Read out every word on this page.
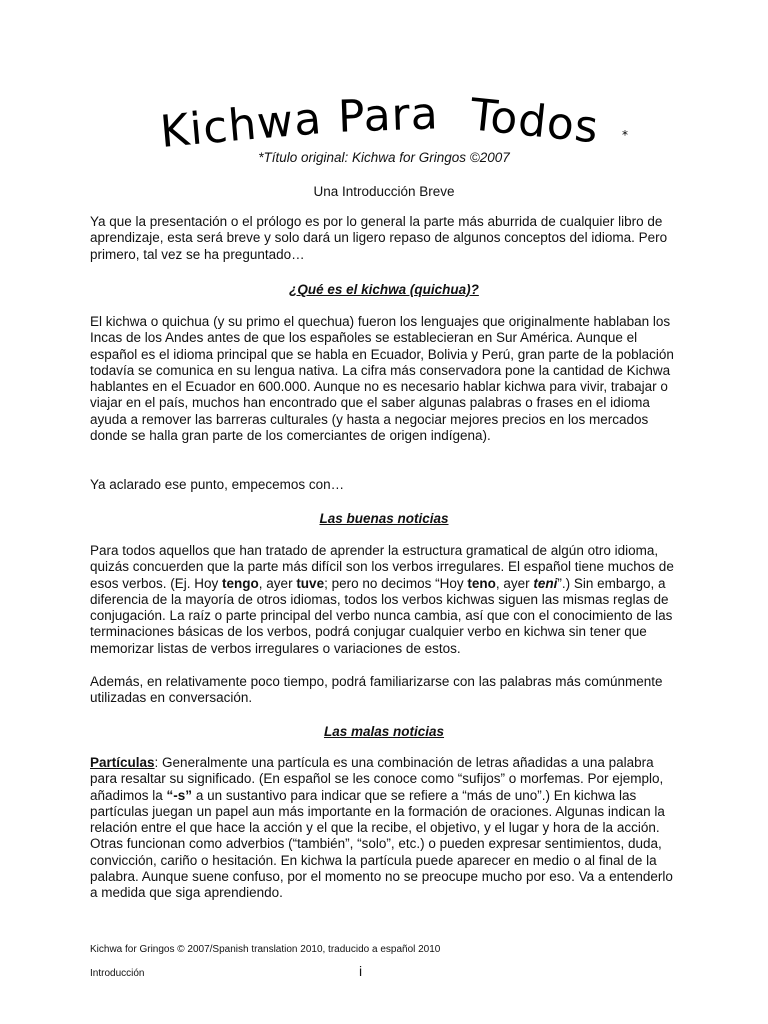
Kichwa Para Todos *
*Título original: Kichwa for Gringos ©2007
Una Introducción Breve

Ya que la presentación o el prólogo es por lo general la parte más aburrida de cualquier libro de aprendizaje, esta será breve y solo dará un ligero repaso de algunos conceptos del idioma. Pero primero, tal vez se ha preguntado…

¿Qué es el kichwa (quichua)?

El kichwa o quichua (y su primo el quechua) fueron los lenguajes que originalmente hablaban los Incas de los Andes antes de que los españoles se establecieran en Sur América. Aunque el español es el idioma principal que se habla en Ecuador, Bolivia y Perú, gran parte de la población todavía se comunica en su lengua nativa. La cifra más conservadora pone la cantidad de Kichwa hablantes en el Ecuador en 600.000. Aunque no es necesario hablar kichwa para vivir, trabajar o viajar en el país, muchos han encontrado que el saber algunas palabras o frases en el idioma ayuda a remover las barreras culturales (y hasta a negociar mejores precios en los mercados donde se halla gran parte de los comerciantes de origen indígena).

Ya aclarado ese punto, empecemos con…

Las buenas noticias

Para todos aquellos que han tratado de aprender la estructura gramatical de algún otro idioma, quizás concuerden que la parte más difícil son los verbos irregulares. El español tiene muchos de esos verbos. (Ej. Hoy tengo, ayer tuve; pero no decimos “Hoy teno, ayer teni”.) Sin embargo, a diferencia de la mayoría de otros idiomas, todos los verbos kichwas siguen las mismas reglas de conjugación. La raíz o parte principal del verbo nunca cambia, así que con el conocimiento de las terminaciones básicas de los verbos, podrá conjugar cualquier verbo en kichwa sin tener que memorizar listas de verbos irregulares o variaciones de estos.

Además, en relativamente poco tiempo, podrá familiarizarse con las palabras más comúnmente utilizadas en conversación.

Las malas noticias

Partículas: Generalmente una partícula es una combinación de letras añadidas a una palabra para resaltar su significado. (En español se les conoce como “sufijos” o morfemas. Por ejemplo, añadimos la “-s” a un sustantivo para indicar que se refiere a “más de uno”.) En kichwa las partículas juegan un papel aun más importante en la formación de oraciones. Algunas indican la relación entre el que hace la acción y el que la recibe, el objetivo, y el lugar y hora de la acción. Otras funcionan como adverbios (“también”, “solo”, etc.) o pueden expresar sentimientos, duda, convicción, cariño o hesitación. En kichwa la partícula puede aparecer en medio o al final de la palabra. Aunque suene confuso, por el momento no se preocupe mucho por eso. Va a entenderlo a medida que siga aprendiendo.

Kichwa for Gringos © 2007/Spanish translation 2010, traducido a español 2010
Introducción	i
